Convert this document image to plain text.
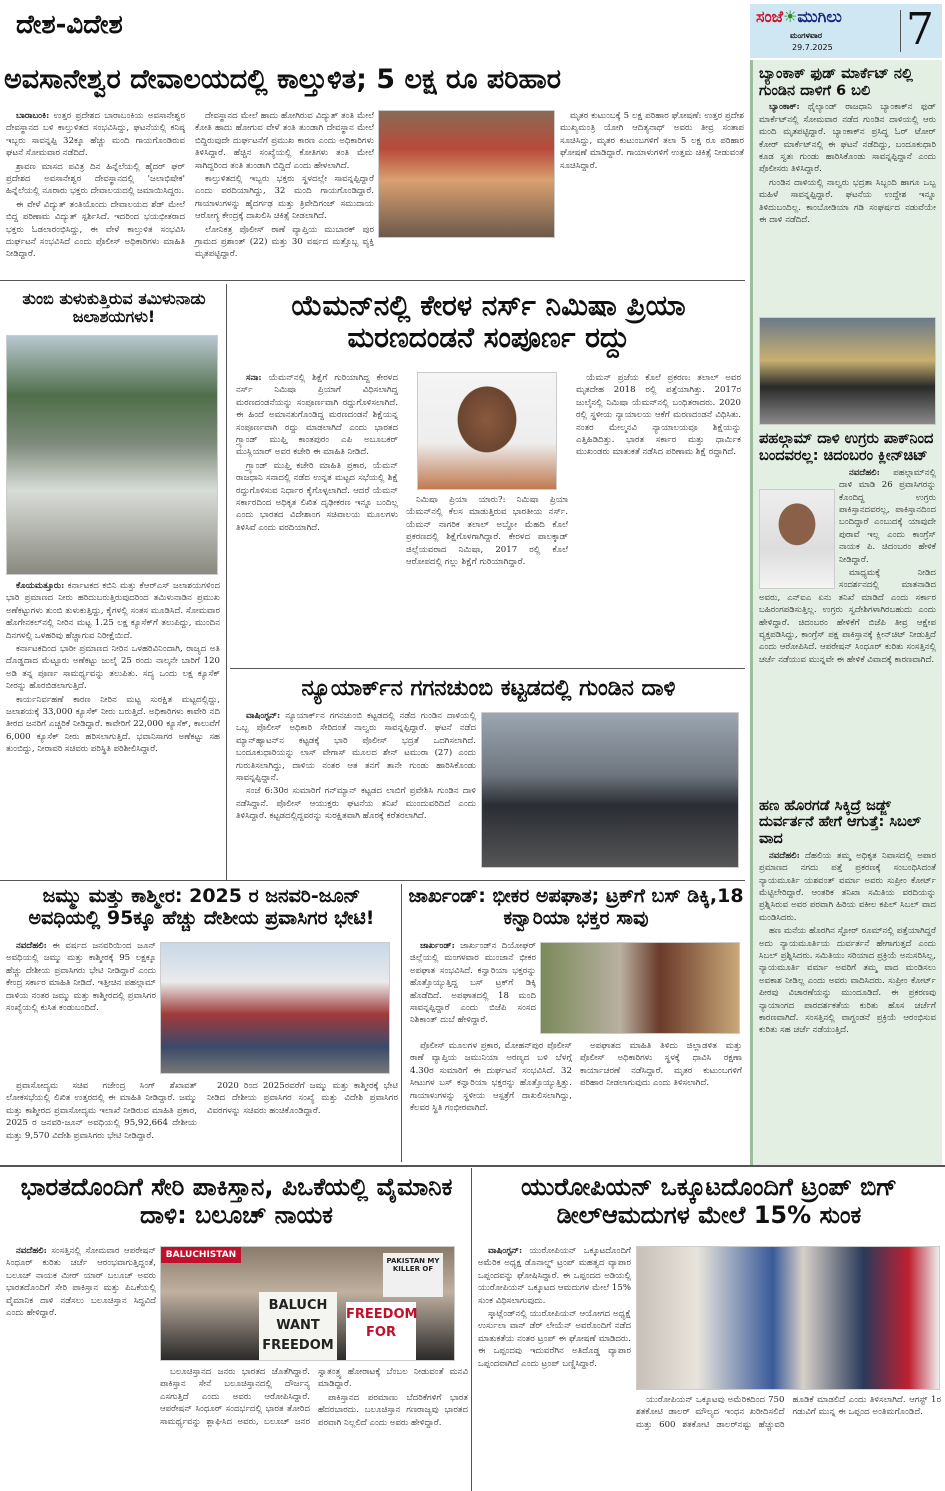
ದೇಶ-ವಿದೇಶ	ಸಂಜೆ☀ಮುಗಿಲು
ಮಂಗಳವಾರ
29.7.2025 7
ಅವಸಾನೇಶ್ವರ ದೇವಾಲಯದಲ್ಲಿ ಕಾಲ್ತುಳಿತ; 5 ಲಕ್ಷ ರೂ ಪರಿಹಾರ

ಬಾರಾಬಂಕಿ: ಉತ್ತರ ಪ್ರದೇಶದ ಬಾರಾಬಂಕಿಯ ಅವಸಾನೇಶ್ವರ ದೇವಸ್ಥಾನದ ಬಳಿ ಕಾಲ್ತುಳಿತದ ಸಂಭವಿಸಿದ್ದು, ಘಟನೆಯಲ್ಲಿ ಕನಿಷ್ಠ ಇಬ್ಬರು ಸಾವನ್ನಪ್ಪಿ 32ಕ್ಕೂ ಹೆಚ್ಚು ಮಂದಿ ಗಾಯಗೊಂಡಿರುವ ಘಟನೆ ಸೋಮವಾರ ನಡೆದಿದೆ.

ಶ್ರಾವಣ ಮಾಸದ ಪವಿತ್ರ ದಿನ ಹಿನ್ನೆಲೆಯಲ್ಲಿ ಹೈದರ್ ಘರ್ ಪ್ರದೇಶದ ಅವಸಾನೇಶ್ವರ ದೇವಸ್ಥಾನದಲ್ಲಿ 'ಜಲಾಭಿಷೇಕ' ಹಿನ್ನೆಲೆಯಲ್ಲಿ ನೂರಾರು ಭಕ್ತರು ದೇವಾಲಯದಲ್ಲಿ ಜಮಾಯಿಸಿದ್ದರು.

ಈ ವೇಳೆ ವಿದ್ಯುತ್ ತಂತಿಯೊಂದು ದೇವಾಲಯದ ಶೆಡ್ ಮೇಲೆ ಬಿದ್ದ ಪರಿಣಾಮ ವಿದ್ಯುತ್ ಸ್ಪರ್ಶಿಸಿದೆ. ಇದರಿಂದ ಭಯಭೀತರಾದ ಭಕ್ತರು ಓಡಲಾರಂಭಿಸಿದ್ದು, ಈ ವೇಳೆ ಕಾಲ್ತುಳಿತ ಸಂಭವಿಸಿ ದುರ್ಘಟನೆ ಸಂಭವಿಸಿದೆ ಎಂದು ಪೊಲೀಸ್ ಅಧಿಕಾರಿಗಳು ಮಾಹಿತಿ ನೀಡಿದ್ದಾರೆ.

ದೇವಸ್ಥಾನದ ಮೇಲೆ ಹಾದು ಹೋಗಿರುವ ವಿದ್ಯುತ್ ತಂತಿ ಮೇಲೆ ಕೋತಿ ಹಾದು ಹೋಗುವ ವೇಳೆ ತಂತಿ ತುಂಡಾಗಿ ದೇವಸ್ಥಾನ ಮೇಲೆ ಬಿದ್ದಿರುವುದೇ ದುರ್ಘಟನೆಗೆ ಪ್ರಮುಖ ಕಾರಣ ಎಂದು ಅಧಿಕಾರಿಗಳು ತಿಳಿಸಿದ್ದಾರೆ. ಹೆಚ್ಚಿನ ಸಂಖ್ಯೆಯಲ್ಲಿ ಕೋತಿಗಳು ತಂತಿ ಮೇಲೆ ಸಾಗಿದ್ದರಿಂದ ತಂತಿ ತುಂಡಾಗಿ ಬಿದ್ದಿದೆ ಎಂದು ಹೇಳಲಾಗಿದೆ.

ಕಾಲ್ತುಳಿತದಲ್ಲಿ ಇಬ್ಬರು ಭಕ್ತರು ಸ್ಥಳದಲ್ಲೇ ಸಾವನ್ನಪ್ಪಿದ್ದಾರೆ ಎಂದು ವರದಿಯಾಗಿದ್ದು, 32 ಮಂದಿ ಗಾಯಗೊಂಡಿದ್ದಾರೆ. ಗಾಯಾಳುಗಳನ್ನು ಹೈದರ್ಗಢ ಮತ್ತು ತ್ರಿವೇದಿಗಂಜ್ ಸಮುದಾಯ ಆರೋಗ್ಯ ಕೇಂದ್ರಕ್ಕೆ ದಾಖಲಿಸಿ ಚಿಕಿತ್ಸೆ ನೀಡಲಾಗಿದೆ.

ಲೋನಿಕತ್ರ ಪೊಲೀಸ್ ಠಾಣೆ ವ್ಯಾಪ್ತಿಯ ಮುಬಾರಕ್ ಪುರ ಗ್ರಾಮದ ಪ್ರಶಾಂತ್ (22) ಮತ್ತು 30 ವರ್ಷದ ಮತ್ತೊಬ್ಬ ವ್ಯಕ್ತಿ ಮೃತಪಟ್ಟಿದ್ದಾರೆ.

ಮೃತರ ಕುಟುಂಬಕ್ಕೆ 5 ಲಕ್ಷ ಪರಿಹಾರ ಘೋಷಣೆ: ಉತ್ತರ ಪ್ರದೇಶ ಮುಖ್ಯಮಂತ್ರಿ ಯೋಗಿ ಆದಿತ್ಯನಾಥ್ ಅವರು ತೀವ್ರ ಸಂತಾಪ ಸೂಚಿಸಿದ್ದು, ಮೃತರ ಕುಟುಂಬಗಳಿಗೆ ತಲಾ 5 ಲಕ್ಷ ರೂ ಪರಿಹಾರ ಘೋಷಣೆ ಮಾಡಿದ್ದಾರೆ. ಗಾಯಾಳುಗಳಿಗೆ ಉತ್ತಮ ಚಿಕಿತ್ಸೆ ನೀಡುವಂತೆ ಸೂಚಿಸಿದ್ದಾರೆ.

ತುಂಬಿ ತುಳುಕುತ್ತಿರುವ ತಮಿಳುನಾಡು ಜಲಾಶಯಗಳು!

ಕೊಯಮತ್ತೂರು: ಕರ್ನಾಟಕದ ಕಬಿನಿ ಮತ್ತು ಕೆಆರ್‌ಎಸ್ ಜಲಾಶಯಗಳಿಂದ ಭಾರಿ ಪ್ರಮಾಣದ ನೀರು ಹರಿದುಬರುತ್ತಿರುವುದರಿಂದ ತಮಿಳುನಾಡಿನ ಪ್ರಮುಖ ಅಣೆಕಟ್ಟುಗಳು ತುಂಬಿ ತುಳುಕುತ್ತಿದ್ದು, ಕೈಗಳಲ್ಲಿ ಸಂತಸ ಮೂಡಿಸಿದೆ. ಸೋಮವಾರ ಹೊಗೇನಕಲ್‌ನಲ್ಲಿ ನೀರಿನ ಮಟ್ಟ 1.25 ಲಕ್ಷ ಕ್ಯೂಸೆಕ್‌ಗೆ ತಲುಪಿದ್ದು, ಮುಂದಿನ ದಿನಗಳಲ್ಲಿ ಒಳಹರಿವು ಹೆಚ್ಚಾಗುವ ನಿರೀಕ್ಷೆಯಿದೆ.

ಕರ್ನಾಟಕದಿಂದ ಭಾರೀ ಪ್ರಮಾಣದ ನೀರಿನ ಒಳಹರಿವಿನಿಂದಾಗಿ, ರಾಜ್ಯದ ಅತಿ ದೊಡ್ಡದಾದ ಮೆಟ್ಟೂರು ಅಣೆಕಟ್ಟು ಜುಲೈ 25 ರಂದು ನಾಲ್ಕನೇ ಬಾರಿಗೆ 120 ಅಡಿ ತನ್ನ ಪೂರ್ಣ ಸಾಮರ್ಥ್ಯವನ್ನು ತಲುಪಿತು. ಸದ್ಯ ಒಂದು ಲಕ್ಷ ಕ್ಯೂಸೆಕ್ ನೀರನ್ನು ಹೊರಬಿಡಲಾಗುತ್ತಿದೆ.

ಕಾರ್ಯನಿರ್ವಹಣೆ ಕಾರಣ ನೀರಿನ ಮಟ್ಟ ಸುರಕ್ಷಿತ ಮಟ್ಟದಲ್ಲಿದ್ದು, ಜಲಾಶಯಕ್ಕೆ 33,000 ಕ್ಯೂಸೆಕ್ ನೀರು ಬರುತ್ತಿದೆ. ಅಧಿಕಾರಿಗಳು ಕಾವೇರಿ ನದಿ ತೀರದ ಜನರಿಗೆ ಎಚ್ಚರಿಕೆ ನೀಡಿದ್ದಾರೆ. ಕಾವೇರಿಗೆ 22,000 ಕ್ಯೂಸೆಕ್, ಕಾಲುವೆಗೆ 6,000 ಕ್ಯೂಸೆಕ್ ನೀರು ಹರಿಸಲಾಗುತ್ತಿದೆ. ಭವಾನಿಸಾಗರ ಅಣೆಕಟ್ಟು ಸಹ ತುಂಬಿದ್ದು, ನೀರಾವರಿ ಸಚಿವರು ಪರಿಸ್ಥಿತಿ ಪರಿಶೀಲಿಸಿದ್ದಾರೆ.

ಯೆಮನ್‌ನಲ್ಲಿ ಕೇರಳ ನರ್ಸ್ ನಿಮಿಷಾ ಪ್ರಿಯಾ ಮರಣದಂಡನೆ ಸಂಪೂರ್ಣ ರದ್ದು

ಸನಾ: ಯೆಮನ್‌ನಲ್ಲಿ ಶಿಕ್ಷೆಗೆ ಗುರಿಯಾಗಿದ್ದ ಕೇರಳದ ನರ್ಸ್ ನಿಮಿಷಾ ಪ್ರಿಯಾಗೆ ವಿಧಿಸಲಾಗಿದ್ದ ಮರಣದಂಡನೆಯನ್ನು ಸಂಪೂರ್ಣವಾಗಿ ರದ್ದುಗೊಳಿಸಲಾಗಿದೆ. ಈ ಹಿಂದೆ ಅಮಾನತುಗೊಂಡಿದ್ದ ಮರಣದಂಡನೆ ಶಿಕ್ಷೆಯನ್ನ ಸಂಪೂರ್ಣವಾಗಿ ರದ್ದು ಮಾಡಲಾಗಿದೆ ಎಂದು ಭಾರತದ ಗ್ರ್ಯಾಂಡ್ ಮುಫ್ತಿ ಕಾಂತಪುರಂ ಎಪಿ ಅಬೂಬಕರ್ ಮುಸ್ಲಿಯಾರ್ ಅವರ ಕಚೇರಿ ಈ ಮಾಹಿತಿ ನೀಡಿದೆ.

ಗ್ರ್ಯಾಂಡ್ ಮುಫ್ತಿ ಕಚೇರಿ ಮಾಹಿತಿ ಪ್ರಕಾರ, ಯೆಮನ್ ರಾಜಧಾನಿ ಸನಾದಲ್ಲಿ ನಡೆದ ಉನ್ನತ ಮಟ್ಟದ ಸಭೆಯಲ್ಲಿ ಶಿಕ್ಷೆ ರದ್ದುಗೊಳಿಸುವ ನಿರ್ಧಾರ ಕೈಗೊಳ್ಳಲಾಗಿದೆ. ಆದರೆ ಯೆಮನ್ ಸರ್ಕಾರದಿಂದ ಅಧಿಕೃತ ಲಿಖಿತ ದೃಢೀಕರಣ ಇನ್ನೂ ಬಂದಿಲ್ಲ ಎಂದು ಭಾರತದ ವಿದೇಶಾಂಗ ಸಚಿವಾಲಯ ಮೂಲಗಳು ತಿಳಿಸಿವೆ ಎಂದು ವರದಿಯಾಗಿದೆ.

ನಿಮಿಷಾ ಪ್ರಿಯಾ ಯಾರು?: ನಿಮಿಷಾ ಪ್ರಿಯಾ ಯೆಮನ್‌ನಲ್ಲಿ ಕೆಲಸ ಮಾಡುತ್ತಿರುವ ಭಾರತೀಯ ನರ್ಸ್. ಯೆಮನ್ ನಾಗರಿಕ ತಲಾಲ್ ಅಬ್ದೋ ಮೆಹದಿ ಕೊಲೆ ಪ್ರಕರಣದಲ್ಲಿ ಶಿಕ್ಷೆಗೊಳಗಾಗಿದ್ದಾರೆ. ಕೇರಳದ ಪಾಲಕ್ಕಾಡ್ ಜಿಲ್ಲೆಯವರಾದ ನಿಮಿಷಾ, 2017 ರಲ್ಲಿ ಕೊಲೆ ಆರೋಪದಲ್ಲಿ ಗಲ್ಲು ಶಿಕ್ಷೆಗೆ ಗುರಿಯಾಗಿದ್ದಾರೆ.

ಯೆಮನ್ ಪ್ರಜೆಯ ಕೊಲೆ ಪ್ರಕರಣ: ತಲಾಲ್ ಅವರ ಮೃತದೇಹ 2018 ರಲ್ಲಿ ಪತ್ತೆಯಾಗಿತ್ತು. 2017ರ ಜುಲೈನಲ್ಲಿ ನಿಮಿಷಾ ಯೆಮನ್‌ನಲ್ಲಿ ಬಂಧಿತರಾದರು. 2020 ರಲ್ಲಿ ಸ್ಥಳೀಯ ನ್ಯಾಯಾಲಯ ಆಕೆಗೆ ಮರಣದಂಡನೆ ವಿಧಿಸಿತು. ನಂತರ ಮೇಲ್ಮನವಿ ನ್ಯಾಯಾಲಯವೂ ಶಿಕ್ಷೆಯನ್ನು ಎತ್ತಿಹಿಡಿದಿತ್ತು. ಭಾರತ ಸರ್ಕಾರ ಮತ್ತು ಧಾರ್ಮಿಕ ಮುಖಂಡರು ಮಾತುಕತೆ ನಡೆಸಿದ ಪರಿಣಾಮ ಶಿಕ್ಷೆ ರದ್ದಾಗಿದೆ.

ನ್ಯೂಯಾರ್ಕ್‌ನ ಗಗನಚುಂಬಿ ಕಟ್ಟಡದಲ್ಲಿ ಗುಂಡಿನ ದಾಳಿ

ವಾಷಿಂಗ್ಟನ್: ನ್ಯೂಯಾರ್ಕ್‌ನ ಗಗನಚುಂಬಿ ಕಟ್ಟಡದಲ್ಲಿ ನಡೆದ ಗುಂಡಿನ ದಾಳಿಯಲ್ಲಿ ಒಬ್ಬ ಪೊಲೀಸ್ ಅಧಿಕಾರಿ ಸೇರಿದಂತೆ ನಾಲ್ವರು ಸಾವನ್ನಪ್ಪಿದ್ದಾರೆ. ಘಟನೆ ನಡೆದ ಮ್ಯಾನ್‌ಹ್ಯಾಟನ್‌ನ ಕಟ್ಟಡಕ್ಕೆ ಭಾರಿ ಪೊಲೀಸ್ ಭದ್ರತೆ ಒದಗಿಸಲಾಗಿದೆ. ಬಂದೂಕುಧಾರಿಯನ್ನು ಲಾಸ್ ವೇಗಾಸ್ ಮೂಲದ ಶೇನ್ ಟಮುರಾ (27) ಎಂದು ಗುರುತಿಸಲಾಗಿದ್ದು, ದಾಳಿಯ ನಂತರ ಆತ ತನಗೆ ತಾನೇ ಗುಂಡು ಹಾರಿಸಿಕೊಂಡು ಸಾವನ್ನಪ್ಪಿದ್ದಾನೆ.

ಸಂಜೆ 6:30ರ ಸುಮಾರಿಗೆ ಗನ್‌ಮ್ಯಾನ್ ಕಟ್ಟಡದ ಲಾಬಿಗೆ ಪ್ರವೇಶಿಸಿ ಗುಂಡಿನ ದಾಳಿ ನಡೆಸಿದ್ದಾನೆ. ಪೊಲೀಸ್ ಆಯುಕ್ತರು ಘಟನೆಯ ತನಿಖೆ ಮುಂದುವರಿದಿದೆ ಎಂದು ತಿಳಿಸಿದ್ದಾರೆ. ಕಟ್ಟಡದಲ್ಲಿದ್ದವರನ್ನು ಸುರಕ್ಷಿತವಾಗಿ ಹೊರಕ್ಕೆ ಕರೆತರಲಾಗಿದೆ.

ಜಮ್ಮು ಮತ್ತು ಕಾಶ್ಮೀರ: 2025 ರ ಜನವರಿ-ಜೂನ್ ಅವಧಿಯಲ್ಲಿ 95ಕ್ಕೂ ಹೆಚ್ಚು ದೇಶೀಯ ಪ್ರವಾಸಿಗರ ಭೇಟಿ!

ನವದೆಹಲಿ: ಈ ವರ್ಷದ ಜನವರಿಯಿಂದ ಜೂನ್ ಅವಧಿಯಲ್ಲಿ ಜಮ್ಮು ಮತ್ತು ಕಾಶ್ಮೀರಕ್ಕೆ 95 ಲಕ್ಷಕ್ಕೂ ಹೆಚ್ಚು ದೇಶೀಯ ಪ್ರವಾಸಿಗರು ಭೇಟಿ ನೀಡಿದ್ದಾರೆ ಎಂದು ಕೇಂದ್ರ ಸರ್ಕಾರ ಮಾಹಿತಿ ನೀಡಿದೆ. ಇತ್ತೀಚಿನ ಪಹಲ್ಗಾಮ್ ದಾಳಿಯ ನಂತರ ಜಮ್ಮು ಮತ್ತು ಕಾಶ್ಮೀರದಲ್ಲಿ ಪ್ರವಾಸಿಗರ ಸಂಖ್ಯೆಯಲ್ಲಿ ಕುಸಿತ ಕಂಡುಬಂದಿದೆ.

ಪ್ರವಾಸೋದ್ಯಮ ಸಚಿವ ಗಜೇಂದ್ರ ಸಿಂಗ್ ಶೆಖಾವತ್ ಲೋಕಸಭೆಯಲ್ಲಿ ಲಿಖಿತ ಉತ್ತರದಲ್ಲಿ ಈ ಮಾಹಿತಿ ನೀಡಿದ್ದಾರೆ. ಜಮ್ಮು ಮತ್ತು ಕಾಶ್ಮೀರದ ಪ್ರವಾಸೋದ್ಯಮ ಇಲಾಖೆ ನೀಡಿರುವ ಮಾಹಿತಿ ಪ್ರಕಾರ, 2025 ರ ಜನವರಿ-ಜೂನ್ ಅವಧಿಯಲ್ಲಿ 95,92,664 ದೇಶೀಯ ಮತ್ತು 9,570 ವಿದೇಶಿ ಪ್ರವಾಸಿಗರು ಭೇಟಿ ನೀಡಿದ್ದಾರೆ.

2020 ರಿಂದ 2025ರವರೆಗೆ ಜಮ್ಮು ಮತ್ತು ಕಾಶ್ಮೀರಕ್ಕೆ ಭೇಟಿ ನೀಡಿದ ದೇಶೀಯ ಪ್ರವಾಸಿಗರ ಸಂಖ್ಯೆ ಮತ್ತು ವಿದೇಶಿ ಪ್ರವಾಸಿಗರ ವಿವರಗಳನ್ನು ಸಚಿವರು ಹಂಚಿಕೊಂಡಿದ್ದಾರೆ.

ಜಾರ್ಖಂಡ್: ಭೀಕರ ಅಪಘಾತ; ಟ್ರಕ್‌ಗೆ ಬಸ್ ಡಿಕ್ಕಿ,18 ಕನ್ವಾರಿಯಾ ಭಕ್ತರ ಸಾವು

ಜಾರ್ಖಂಡ್: ಜಾರ್ಖಂಡ್‌ನ ದಿಯೋಘರ್ ಜಿಲ್ಲೆಯಲ್ಲಿ ಮಂಗಳವಾರ ಮುಂಜಾನೆ ಭೀಕರ ಅಪಘಾತ ಸಂಭವಿಸಿದೆ. ಕನ್ವಾರಿಯಾ ಭಕ್ತರನ್ನು ಹೊತ್ತೊಯ್ಯುತ್ತಿದ್ದ ಬಸ್ ಟ್ರಕ್‌ಗೆ ಡಿಕ್ಕಿ ಹೊಡೆದಿದೆ. ಅಪಘಾತದಲ್ಲಿ 18 ಮಂದಿ ಸಾವನ್ನಪ್ಪಿದ್ದಾರೆ ಎಂದು ಬಿಜೆಪಿ ಸಂಸದ ನಿಶಿಕಾಂತ್ ದುಬೆ ಹೇಳಿದ್ದಾರೆ.

ಪೊಲೀಸ್ ಮೂಲಗಳ ಪ್ರಕಾರ, ಮೋಹನ್‌ಪುರ ಪೊಲೀಸ್ ಠಾಣೆ ವ್ಯಾಪ್ತಿಯ ಜಮುನಿಯಾ ಅರಣ್ಯದ ಬಳಿ ಬೆಳಗ್ಗೆ 4.30ರ ಸುಮಾರಿಗೆ ಈ ದುರ್ಘಟನೆ ಸಂಭವಿಸಿದೆ. 32 ಸೀಟುಗಳ ಬಸ್ ಕನ್ವಾರಿಯಾ ಭಕ್ತರನ್ನು ಹೊತ್ತೊಯ್ಯುತ್ತಿತ್ತು. ಗಾಯಾಳುಗಳನ್ನು ಸ್ಥಳೀಯ ಆಸ್ಪತ್ರೆಗೆ ದಾಖಲಿಸಲಾಗಿದ್ದು, ಕೆಲವರ ಸ್ಥಿತಿ ಗಂಭೀರವಾಗಿದೆ.

ಅಪಘಾತದ ಮಾಹಿತಿ ತಿಳಿದು ಜಿಲ್ಲಾಡಳಿತ ಮತ್ತು ಪೊಲೀಸ್ ಅಧಿಕಾರಿಗಳು ಸ್ಥಳಕ್ಕೆ ಧಾವಿಸಿ ರಕ್ಷಣಾ ಕಾರ್ಯಾಚರಣೆ ನಡೆಸಿದ್ದಾರೆ. ಮೃತರ ಕುಟುಂಬಗಳಿಗೆ ಪರಿಹಾರ ನೀಡಲಾಗುವುದು ಎಂದು ತಿಳಿಸಲಾಗಿದೆ.

ಬ್ಯಾಂಕಾಕ್ ಫುಡ್ ಮಾರ್ಕೆಟ್ ನಲ್ಲಿ ಗುಂಡಿನ ದಾಳಿಗೆ 6 ಬಲಿ

ಬ್ಯಾಂಕಾಕ್: ಥೈಲ್ಯಾಂಡ್ ರಾಜಧಾನಿ ಬ್ಯಾಂಕಾಕ್‌ನ ಫುಡ್ ಮಾರ್ಕೆಟ್‌ನಲ್ಲಿ ಸೋಮವಾರ ನಡೆದ ಗುಂಡಿನ ದಾಳಿಯಲ್ಲಿ ಆರು ಮಂದಿ ಮೃತಪಟ್ಟಿದ್ದಾರೆ. ಬ್ಯಾಂಕಾಕ್‌ನ ಪ್ರಸಿದ್ಧ ಓರ್ ಟೋರ್ ಕೋರ್ ಮಾರ್ಕೆಟ್‌ನಲ್ಲಿ ಈ ಘಟನೆ ನಡೆದಿದ್ದು, ಬಂದೂಕುಧಾರಿ ಕೂಡ ಸ್ವತಃ ಗುಂಡು ಹಾರಿಸಿಕೊಂಡು ಸಾವನ್ನಪ್ಪಿದ್ದಾನೆ ಎಂದು ಪೊಲೀಸರು ತಿಳಿಸಿದ್ದಾರೆ.

ಗುಂಡಿನ ದಾಳಿಯಲ್ಲಿ ನಾಲ್ವರು ಭದ್ರತಾ ಸಿಬ್ಬಂದಿ ಹಾಗೂ ಒಬ್ಬ ಮಹಿಳೆ ಸಾವನ್ನಪ್ಪಿದ್ದಾರೆ. ಘಟನೆಯ ಉದ್ದೇಶ ಇನ್ನೂ ತಿಳಿದುಬಂದಿಲ್ಲ. ಕಾಂಬೋಡಿಯಾ ಗಡಿ ಸಂಘರ್ಷದ ನಡುವೆಯೇ ಈ ದಾಳಿ ನಡೆದಿದೆ.

ಪಹಲ್ಗಾಮ್ ದಾಳಿ ಉಗ್ರರು ಪಾಕ್‌ನಿಂದ ಬಂದವರಲ್ಲ: ಚಿದಂಬರಂ ಕ್ಲೀನ್‌ಚಿಟ್

ನವದೆಹಲಿ: ಪಹಲ್ಗಾಮ್‌ನಲ್ಲಿ ದಾಳಿ ಮಾಡಿ 26 ಪ್ರವಾಸಿಗರನ್ನು ಕೊಂದಿದ್ದ ಉಗ್ರರು ಪಾಕಿಸ್ತಾನದವರಲ್ಲ, ಪಾಕಿಸ್ತಾನದಿಂದ ಬಂದಿದ್ದಾರೆ ಎಂಬುದಕ್ಕೆ ಯಾವುದೇ ಪುರಾವೆ ಇಲ್ಲ ಎಂದು ಕಾಂಗ್ರೆಸ್ ನಾಯಕ ಪಿ. ಚಿದಂಬರಂ ಹೇಳಿಕೆ ನೀಡಿದ್ದಾರೆ.

ಮಾಧ್ಯಮಕ್ಕೆ ನೀಡಿದ ಸಂದರ್ಶನದಲ್ಲಿ ಮಾತನಾಡಿದ ಅವರು, ಎನ್‌ಐಎ ಏನು ತನಿಖೆ ಮಾಡಿದೆ ಎಂದು ಸರ್ಕಾರ ಬಹಿರಂಗಪಡಿಸುತ್ತಿಲ್ಲ. ಉಗ್ರರು ಸ್ವದೇಶಿಗಳಾಗಿರಬಹುದು ಎಂದು ಹೇಳಿದ್ದಾರೆ. ಚಿದಂಬರಂ ಹೇಳಿಕೆಗೆ ಬಿಜೆಪಿ ತೀವ್ರ ಆಕ್ಷೇಪ ವ್ಯಕ್ತಪಡಿಸಿದ್ದು, ಕಾಂಗ್ರೆಸ್ ಪಕ್ಷ ಪಾಕಿಸ್ತಾನಕ್ಕೆ ಕ್ಲೀನ್‌ಚಿಟ್ ನೀಡುತ್ತಿದೆ ಎಂದು ಆರೋಪಿಸಿದೆ. ಆಪರೇಷನ್ ಸಿಂಧೂರ್ ಕುರಿತು ಸಂಸತ್ತಿನಲ್ಲಿ ಚರ್ಚೆ ನಡೆಯುವ ಮುನ್ನವೇ ಈ ಹೇಳಿಕೆ ವಿವಾದಕ್ಕೆ ಕಾರಣವಾಗಿದೆ.

ಹಣ ಹೊರಗಡೆ ಸಿಕ್ಕಿದ್ರೆ ಜಡ್ಜ್ ದುರ್ವರ್ತನೆ ಹೇಗೆ ಆಗುತ್ತೆ: ಸಿಬಲ್ ವಾದ

ನವದೆಹಲಿ: ದೆಹಲಿಯ ತಮ್ಮ ಅಧಿಕೃತ ನಿವಾಸದಲ್ಲಿ ಅಪಾರ ಪ್ರಮಾಣದ ನಗದು ಪತ್ತೆ ಪ್ರಕರಣಕ್ಕೆ ಸಂಬಂಧಿಸಿದಂತೆ ನ್ಯಾಯಮೂರ್ತಿ ಯಶವಂತ್ ವರ್ಮಾ ಅವರು ಸುಪ್ರೀಂ ಕೋರ್ಟ್ ಮೆಟ್ಟಿಲೇರಿದ್ದಾರೆ. ಆಂತರಿಕ ತನಿಖಾ ಸಮಿತಿಯ ವರದಿಯನ್ನು ಪ್ರಶ್ನಿಸಿರುವ ಅವರ ಪರವಾಗಿ ಹಿರಿಯ ವಕೀಲ ಕಪಿಲ್ ಸಿಬಲ್ ವಾದ ಮಂಡಿಸಿದರು.

ಹಣ ಮನೆಯ ಹೊರಗಿನ ಸ್ಟೋರ್ ರೂಮ್‌ನಲ್ಲಿ ಪತ್ತೆಯಾಗಿದ್ದರೆ ಅದು ನ್ಯಾಯಮೂರ್ತಿಯ ದುರ್ವರ್ತನೆ ಹೇಗಾಗುತ್ತದೆ ಎಂದು ಸಿಬಲ್ ಪ್ರಶ್ನಿಸಿದರು. ಸಮಿತಿಯು ಸರಿಯಾದ ಪ್ರಕ್ರಿಯೆ ಅನುಸರಿಸಿಲ್ಲ, ನ್ಯಾಯಮೂರ್ತಿ ವರ್ಮಾ ಅವರಿಗೆ ತಮ್ಮ ವಾದ ಮಂಡಿಸಲು ಅವಕಾಶ ನೀಡಿಲ್ಲ ಎಂದು ಅವರು ವಾದಿಸಿದರು. ಸುಪ್ರೀಂ ಕೋರ್ಟ್ ಪೀಠವು ವಿಚಾರಣೆಯನ್ನು ಮುಂದೂಡಿದೆ. ಈ ಪ್ರಕರಣವು ನ್ಯಾಯಾಂಗದ ಪಾರದರ್ಶಕತೆಯ ಕುರಿತು ಹೊಸ ಚರ್ಚೆಗೆ ಕಾರಣವಾಗಿದೆ. ಸಂಸತ್ತಿನಲ್ಲಿ ವಾಗ್ದಂಡನೆ ಪ್ರಕ್ರಿಯೆ ಆರಂಭಿಸುವ ಕುರಿತು ಸಹ ಚರ್ಚೆ ನಡೆಯುತ್ತಿದೆ.

ಭಾರತದೊಂದಿಗೆ ಸೇರಿ ಪಾಕಿಸ್ತಾನ, ಪಿಒಕೆಯಲ್ಲಿ ವೈಮಾನಿಕ ದಾಳಿ: ಬಲೂಚ್ ನಾಯಕ

ನವದೆಹಲಿ: ಸಂಸತ್ತಿನಲ್ಲಿ ಸೋಮವಾರ ಆಪರೇಷನ್ ಸಿಂಧೂರ್ ಕುರಿತು ಚರ್ಚೆ ಆರಂಭವಾಗುತ್ತಿದ್ದಂತೆ, ಬಲೂಚ್ ನಾಯಕ ಮೀರ್ ಯಾರ್ ಬಲೂಚ್ ಅವರು ಭಾರತದೊಂದಿಗೆ ಸೇರಿ ಪಾಕಿಸ್ತಾನ ಮತ್ತು ಪಿಒಕೆಯಲ್ಲಿ ವೈಮಾನಿಕ ದಾಳಿ ನಡೆಸಲು ಬಲೂಚಿಸ್ತಾನ ಸಿದ್ಧವಿದೆ ಎಂದು ಹೇಳಿದ್ದಾರೆ.

BALUCH WANT FREEDOM
FREEDOM FOR
PAKISTAN MY KILLER OF
BALUCHISTAN

ಬಲೂಚಿಸ್ತಾನದ ಜನರು ಭಾರತದ ಜೊತೆಗಿದ್ದಾರೆ. ಪಾಕಿಸ್ತಾನ ಸೇನೆ ಬಲೂಚಿಸ್ತಾನದಲ್ಲಿ ದೌರ್ಜನ್ಯ ಎಸಗುತ್ತಿದೆ ಎಂದು ಅವರು ಆರೋಪಿಸಿದ್ದಾರೆ. ಆಪರೇಷನ್ ಸಿಂಧೂರ್ ಸಂದರ್ಭದಲ್ಲಿ ಭಾರತ ತೋರಿದ ಸಾಮರ್ಥ್ಯವನ್ನು ಶ್ಲಾಘಿಸಿದ ಅವರು, ಬಲೂಚ್ ಜನರ ಸ್ವಾತಂತ್ರ್ಯ ಹೋರಾಟಕ್ಕೆ ಬೆಂಬಲ ನೀಡುವಂತೆ ಮನವಿ ಮಾಡಿದ್ದಾರೆ.

ಪಾಕಿಸ್ತಾನದ ಪರಮಾಣು ಬೆದರಿಕೆಗಳಿಗೆ ಭಾರತ ಹೆದರಬಾರದು. ಬಲೂಚಿಸ್ತಾನ ಗಣರಾಜ್ಯವು ಭಾರತದ ಪರವಾಗಿ ನಿಲ್ಲಲಿದೆ ಎಂದು ಅವರು ಹೇಳಿದ್ದಾರೆ.

ಯುರೋಪಿಯನ್ ಒಕ್ಕೂಟದೊಂದಿಗೆ ಟ್ರಂಪ್ ಬಿಗ್ ಡೀಲ್‌ಆಮದುಗಳ ಮೇಲೆ 15% ಸುಂಕ

ವಾಷಿಂಗ್ಟನ್: ಯುರೋಪಿಯನ್ ಒಕ್ಕೂಟದೊಂದಿಗೆ ಅಮೆರಿಕ ಅಧ್ಯಕ್ಷ ಡೊನಾಲ್ಡ್ ಟ್ರಂಪ್ ಮಹತ್ವದ ವ್ಯಾಪಾರ ಒಪ್ಪಂದವನ್ನು ಘೋಷಿಸಿದ್ದಾರೆ. ಈ ಒಪ್ಪಂದದ ಅಡಿಯಲ್ಲಿ ಯುರೋಪಿಯನ್ ಒಕ್ಕೂಟದ ಆಮದುಗಳ ಮೇಲೆ 15% ಸುಂಕ ವಿಧಿಸಲಾಗುವುದು.

ಸ್ಕಾಟ್ಲೆಂಡ್‌ನಲ್ಲಿ ಯುರೋಪಿಯನ್ ಆಯೋಗದ ಅಧ್ಯಕ್ಷೆ ಉರ್ಸುಲಾ ವಾನ್ ಡೆರ್ ಲೇಯೆನ್ ಅವರೊಂದಿಗೆ ನಡೆದ ಮಾತುಕತೆಯ ನಂತರ ಟ್ರಂಪ್ ಈ ಘೋಷಣೆ ಮಾಡಿದರು. ಈ ಒಪ್ಪಂದವು ಇದುವರೆಗಿನ ಅತಿದೊಡ್ಡ ವ್ಯಾಪಾರ ಒಪ್ಪಂದವಾಗಿದೆ ಎಂದು ಟ್ರಂಪ್ ಬಣ್ಣಿಸಿದ್ದಾರೆ.

ಯುರೋಪಿಯನ್ ಒಕ್ಕೂಟವು ಅಮೆರಿಕದಿಂದ 750 ಶತಕೋಟಿ ಡಾಲರ್ ಮೌಲ್ಯದ ಇಂಧನ ಖರೀದಿಸಲಿದೆ ಮತ್ತು 600 ಶತಕೋಟಿ ಡಾಲರ್‌ನಷ್ಟು ಹೆಚ್ಚುವರಿ ಹೂಡಿಕೆ ಮಾಡಲಿದೆ ಎಂದು ತಿಳಿಸಲಾಗಿದೆ. ಆಗಸ್ಟ್ 1ರ ಗಡುವಿಗೆ ಮುನ್ನ ಈ ಒಪ್ಪಂದ ಅಂತಿಮಗೊಂಡಿದೆ.
